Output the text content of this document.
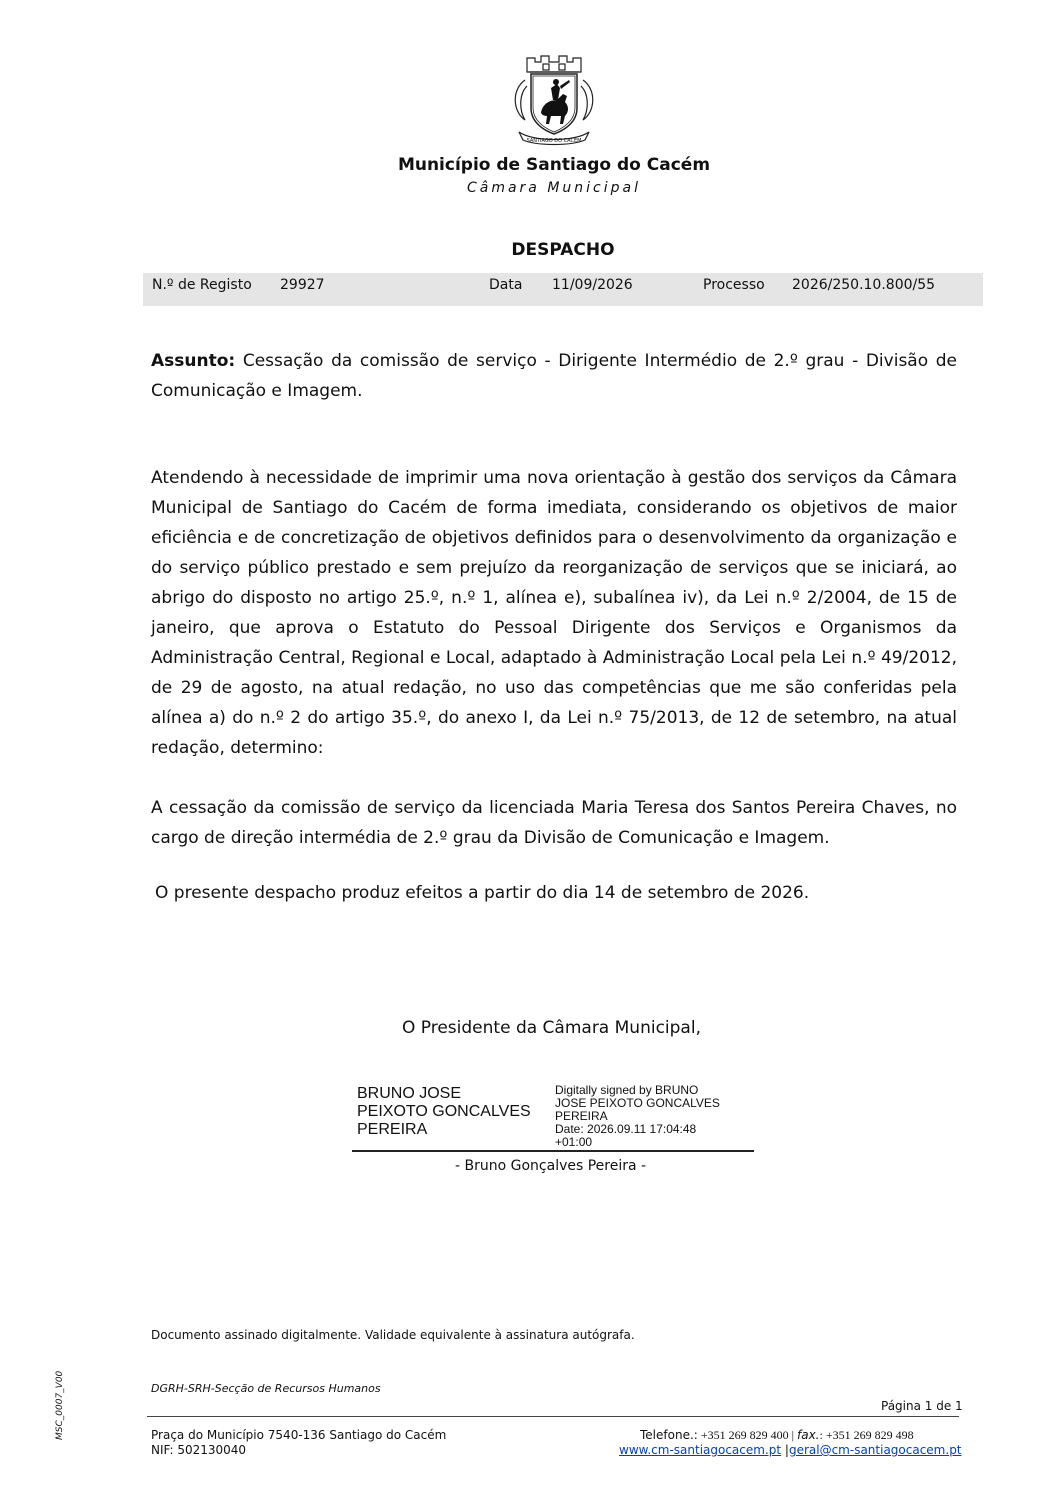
SANTIAGO DO CACÉM
Município de Santiago do Cacém
Câmara Municipal
DESPACHO
N.º de Registo 29927	Data 11/09/2026	Processo 2026/250.10.800/55
Assunto: Cessação da comissão de serviço - Dirigente Intermédio de 2.º grau - Divisão de Comunicação e Imagem.

Atendendo à necessidade de imprimir uma nova orientação à gestão dos serviços da Câmara Municipal de Santiago do Cacém de forma imediata, considerando os objetivos de maior eficiência e de concretização de objetivos definidos para o desenvolvimento da organização e do serviço público prestado e sem prejuízo da reorganização de serviços que se iniciará, ao abrigo do disposto no artigo 25.º, n.º 1, alínea e), subalínea iv), da Lei n.º 2/2004, de 15 de janeiro, que aprova o Estatuto do Pessoal Dirigente dos Serviços e Organismos da Administração Central, Regional e Local, adaptado à Administração Local pela Lei n.º 49/2012, de 29 de agosto, na atual redação, no uso das competências que me são conferidas pela alínea a) do n.º 2 do artigo 35.º, do anexo I, da Lei n.º 75/2013, de 12 de setembro, na atual redação, determino:

A cessação da comissão de serviço da licenciada Maria Teresa dos Santos Pereira Chaves, no cargo de direção intermédia de 2.º grau da Divisão de Comunicação e Imagem.

O presente despacho produz efeitos a partir do dia 14 de setembro de 2026.
O Presidente da Câmara Municipal,
BRUNO JOSE
PEIXOTO GONCALVES
PEREIRA
Digitally signed by BRUNO
JOSE PEIXOTO GONCALVES
PEREIRA
Date: 2026.09.11 17:04:48
+01:00
- Bruno Gonçalves Pereira -
Documento assinado digitalmente. Validade equivalente à assinatura autógrafa.
MSC_0007_V00	DGRH-SRH-Secção de Recursos Humanos
Página 1 de 1
Praça do Município 7540-136 Santiago do Cacém
NIF: 502130040
Telefone.: +351 269 829 400 | fax.: +351 269 829 498
www.cm-santiagocacem.pt |geral@cm-santiagocacem.pt
